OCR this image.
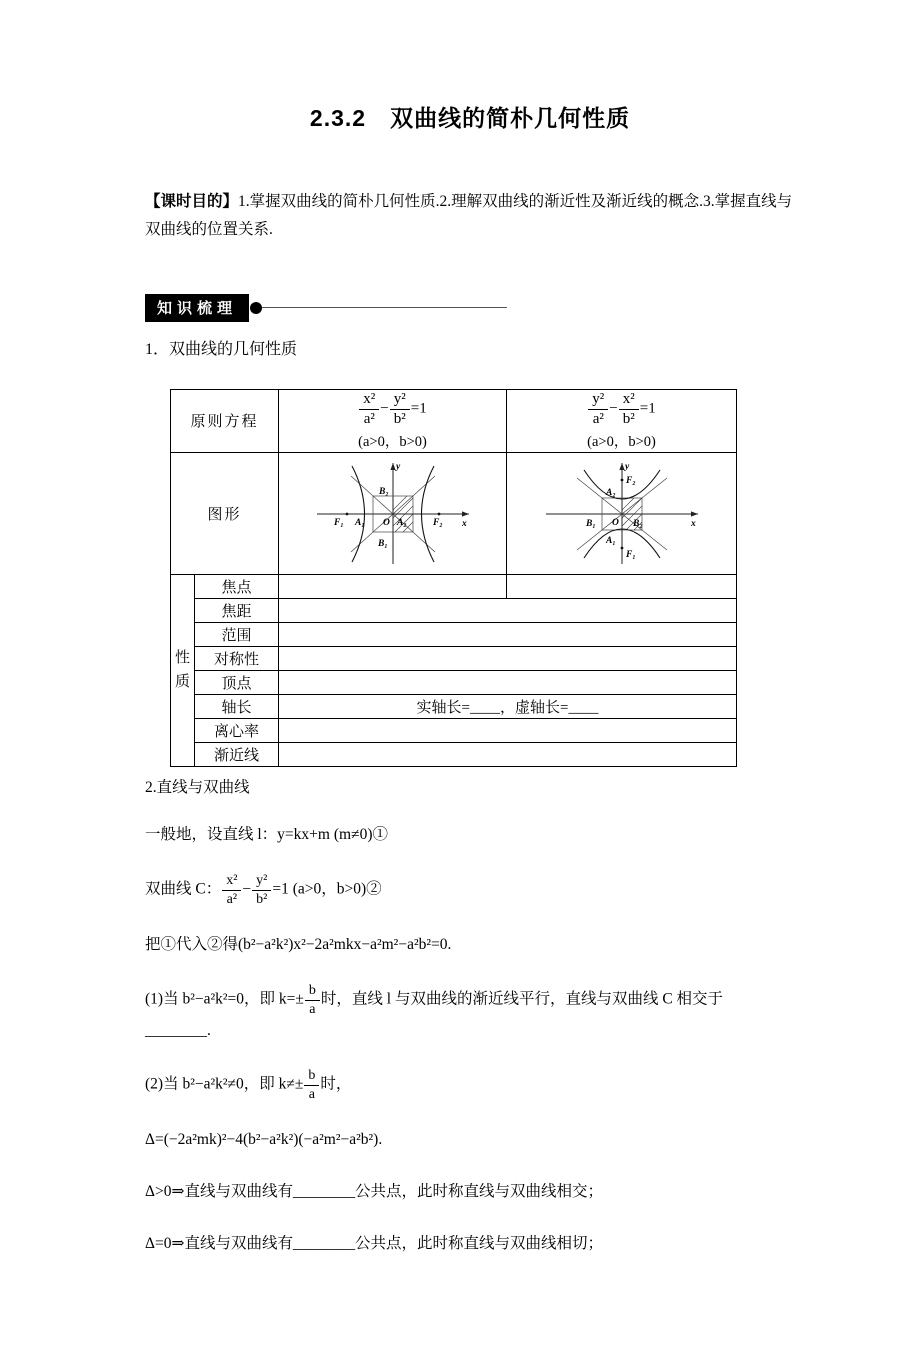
2.3.2　双曲线的简朴几何性质

【课时目的】1.掌握双曲线的简朴几何性质.2.理解双曲线的渐近性及渐近线的概念.3.掌握直线与双曲线的位置关系.

知识梳理

1．双曲线的几何性质

原则方程	$\frac{\text{x²}}{\text{a²}} - \frac{\text{y²}}{\text{b²}} =1$
(a>0，b>0)

$\frac{\text{y²}}{\text{a²}} - \frac{\text{x²}}{\text{b²}} =1$
(a>0，b>0)

图形	
y
x
B₂
B₁
F₁ A₁ O A₂	F₂

y
x
A₂
F₂
B₁ O B₂
A₁
F₁

性质	焦点		
	焦距		
	范围		
	对称性		
	顶点		
	轴长	实轴长=____，虚轴长=____	
	离心率		
	渐近线		

2.直线与双曲线

一般地，设直线 l：y=kx+m (m≠0)①

双曲线 C： $\frac{\text{x²}}{\text{a²}} - \frac{\text{y²}}{\text{b²}} =1$ (a>0，b>0)②

把①代入②得(b²−a²k²)x²−2a²mkx−a²m²−a²b²=0.

(1)当 b²−a²k²=0，即 $k=\pm \frac{b}{a}$ 时，直线 l 与双曲线的渐近线平行，直线与双曲线 C 相交于
________.

(2)当 b²−a²k²≠0，即 $k\ne\pm \frac{b}{a}$ 时，

Δ=(−2a²mk)²−4(b²−a²k²)(−a²m²−a²b²).

Δ>0⇒直线与双曲线有________公共点，此时称直线与双曲线相交；

Δ=0⇒直线与双曲线有________公共点，此时称直线与双曲线相切；
